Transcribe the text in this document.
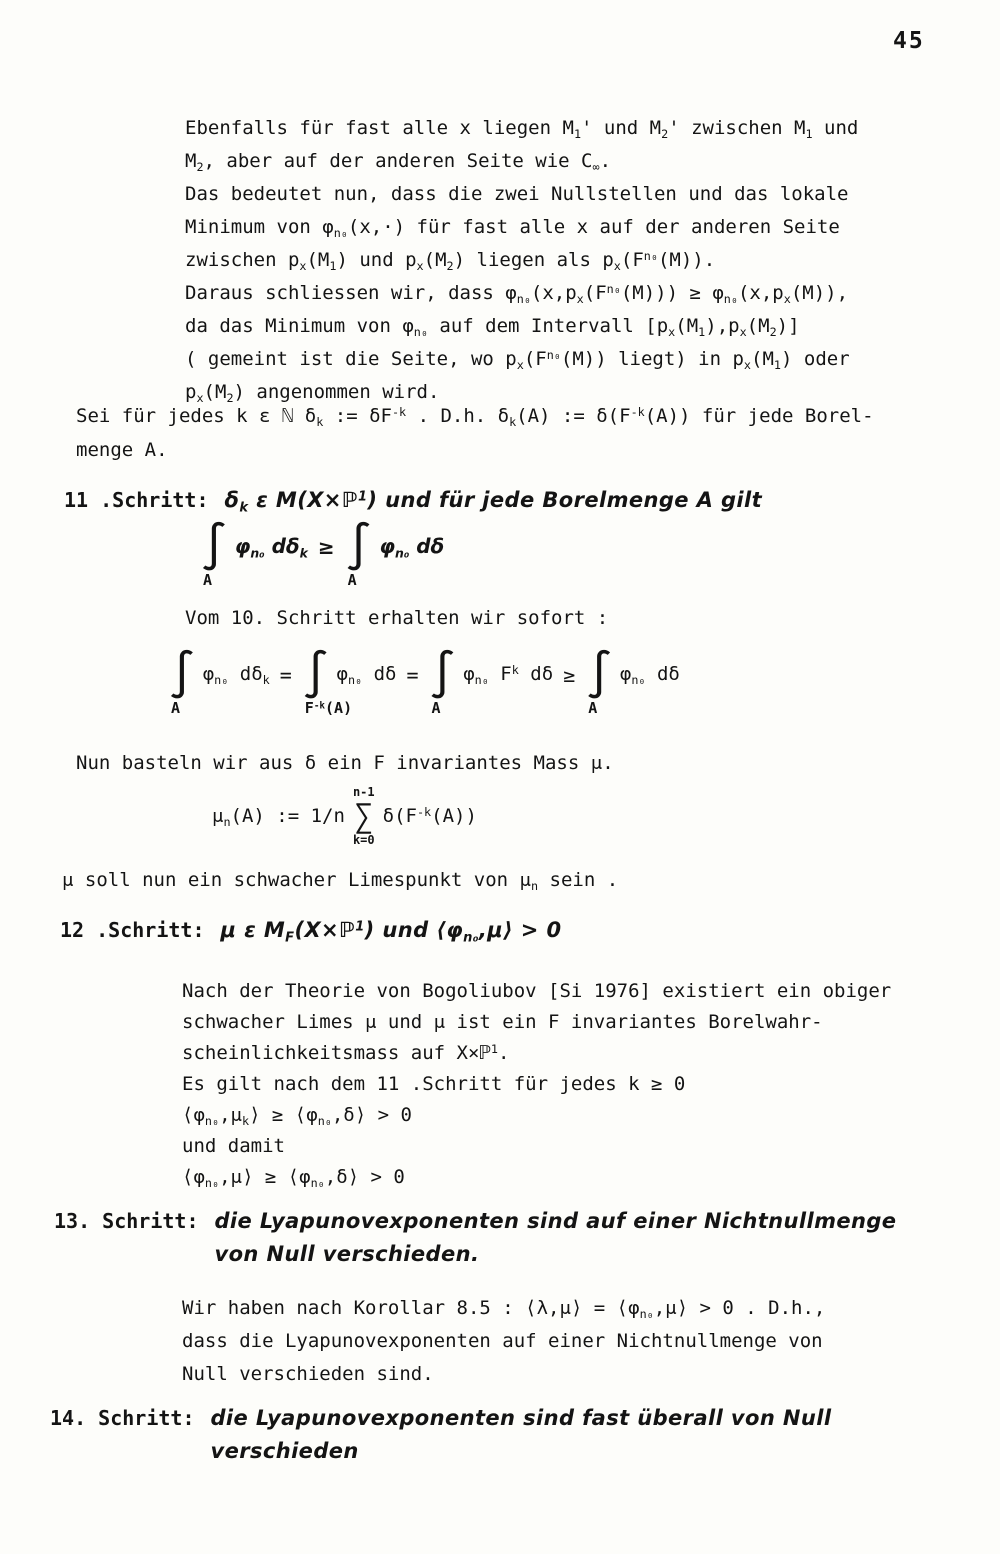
45
Ebenfalls für fast alle x liegen $M_1'$ und $M_2'$ zwischen $M_1$ und
$M_2$, aber auf der anderen Seite wie $C_\infty$.
Das bedeutet nun, dass die zwei Nullstellen und das lokale
Minimum von $\varphi_{n_0}(x,\cdot)$ für fast alle x auf der anderen Seite
zwischen $p_x(M_1)$ und $p_x(M_2)$ liegen als $p_x(F^{n_0}(M))$.
Daraus schliessen wir, dass $\varphi_{n_0}(x,p_x(F^{n_0}(M))) \ge \varphi_{n_0}(x,p_x(M))$,
da das Minimum von $\varphi_{n_0}$ auf dem Intervall $[p_x(M_1),p_x(M_2)]$
( gemeint ist die Seite, wo $p_x(F^{n_0}(M))$ liegt) in $p_x(M_1)$ oder
$p_x(M_2)$ angenommen wird.
Sei für jedes k ε ℕ $\delta_k$ := $\delta F^{-k}$ . D.h. $\delta_k(A)$ := $\delta(F^{-k}(A))$ für jede Borel-
menge A.
11 .Schritt: $\delta_k$ ε M(X×ℙ$^1$) und für jede Borelmenge A gilt
∫ $\varphi_{n_0}$ $d\delta_k$
A
≥ ∫ $\varphi_{n_0}$ dδ
A
Vom 10. Schritt erhalten wir sofort :
∫ $\varphi_{n_0}$ $d\delta_k$
A
= ∫ $\varphi_{n_0}$ dδ
$F^{-k}(A)$
= ∫ $\varphi_{n_0}$ $F^k$ dδ
A
≥ ∫ $\varphi_{n_0}$ dδ
A
Nun basteln wir aus δ ein F invariantes Mass μ.
$\mu_n(A)$ := 1/n
n-1
∑
k=0
$\delta(F^{-k}(A))$
μ soll nun ein schwacher Limespunkt von $\mu_n$ sein .
12 .Schritt: μ ε $M_F(X\times ℙ^1)$ und $⟨\varphi_{n_0},\mu⟩ > 0$
Nach der Theorie von Bogoliubov [Si 1976] existiert ein obiger
schwacher Limes μ und μ ist ein F invariantes Borelwahr-
scheinlichkeitsmass auf X×ℙ$^1$.
Es gilt nach dem 11 .Schritt für jedes k ≥ 0
$⟨\varphi_{n_0},\mu_k⟩$ ≥ $⟨\varphi_{n_0},\delta⟩ > 0$
und damit
$⟨\varphi_{n_0},\mu⟩$ ≥ $⟨\varphi_{n_0},\delta⟩ > 0$
13. Schritt: die Lyapunovexponenten sind auf einer Nichtnullmenge
von Null verschieden.
Wir haben nach Korollar 8.5 : ⟨λ,μ⟩ = $⟨\varphi_{n_0},\mu⟩ > 0$ . D.h.,
dass die Lyapunovexponenten auf einer Nichtnullmenge von
Null verschieden sind.
14. Schritt: die Lyapunovexponenten sind fast überall von Null
verschieden
